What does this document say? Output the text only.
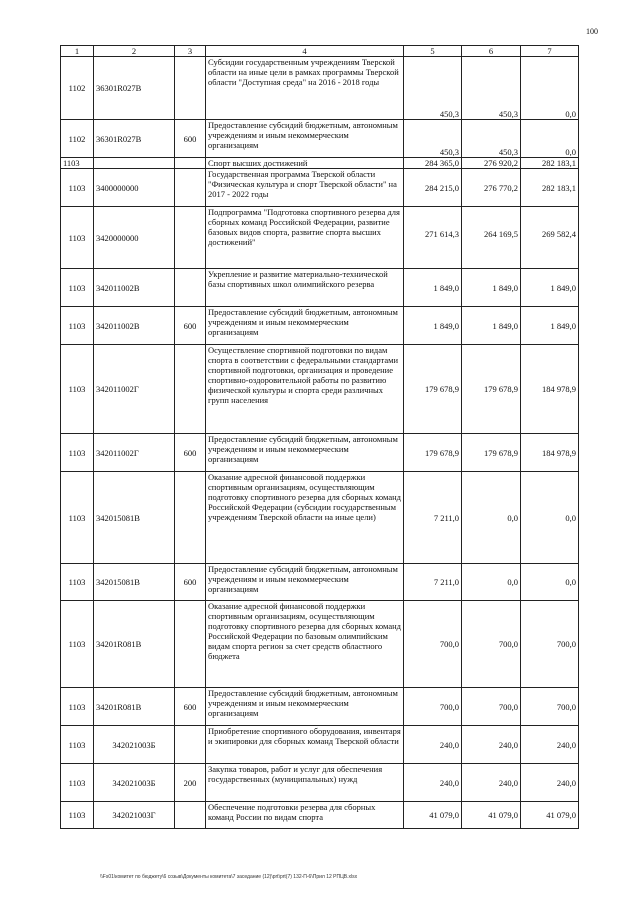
100
1	2	3	4	5	6	7
1102	36301R027В		Субсидии государственным учреждениям Тверской области на иные цели в рамках программы Тверской области "Доступная среда" на 2016 - 2018 годы	450,3	450,3	0,0
1102	36301R027В	600	Предоставление субсидий бюджетным, автономным учреждениям и иным некоммерческим организациям	450,3	450,3	0,0
1103			Спорт высших достижений	284 365,0	276 920,2	282 183,1
1103	3400000000		Государственная программа Тверской области "Физическая культура и спорт Тверской области" на 2017 - 2022 годы	284 215,0	276 770,2	282 183,1
1103	3420000000		Подпрограмма "Подготовка спортивного резерва для сборных команд Российской Федерации, развитие базовых видов спорта, развитие спорта высших достижений"	271 614,3	264 169,5	269 582,4
1103	342011002В		Укрепление и развитие материально-технической базы спортивных школ олимпийского резерва	1 849,0	1 849,0	1 849,0
1103	342011002В	600	Предоставление субсидий бюджетным, автономным учреждениям и иным некоммерческим организациям	1 849,0	1 849,0	1 849,0
1103	342011002Г		Осуществление спортивной подготовки по видам спорта в соответствии с федеральными стандартами спортивной подготовки, организация и проведение спортивно-оздоровительной работы по развитию физической культуры и спорта среди различных групп населения	179 678,9	179 678,9	184 978,9
1103	342011002Г	600	Предоставление субсидий бюджетным, автономным учреждениям и иным некоммерческим организациям	179 678,9	179 678,9	184 978,9
1103	342015081В		Оказание адресной финансовой поддержки спортивным организациям, осуществляющим подготовку спортивного резерва для сборных команд Российской Федерации (субсидии государственным учреждениям Тверской области на иные цели)	7 211,0	0,0	0,0
1103	342015081В	600	Предоставление субсидий бюджетным, автономным учреждениям и иным некоммерческим организациям	7 211,0	0,0	0,0
1103	34201R081В		Оказание адресной финансовой поддержки спортивным организациям, осуществляющим подготовку спортивного резерва для сборных команд Российской Федерации по базовым олимпийским видам спорта регион за счет средств областного бюджета	700,0	700,0	700,0
1103	34201R081В	600	Предоставление субсидий бюджетным, автономным учреждениям и иным некоммерческим организациям	700,0	700,0	700,0
1103	342021003Б		Приобретение спортивного оборудования, инвентаря и экипировки для сборных команд Тверской области	240,0	240,0	240,0
1103	342021003Б	200	Закупка товаров, работ и услуг для обеспечения государственных (муниципальных) нужд	240,0	240,0	240,0
1103	342021003Г		Обеспечение подготовки резерва для сборных команд России по видам спорта	41 079,0	41 079,0	41 079,0
\\Fs01\комитет по бюджету\6 созыв\Документы комитета\7 заседание (12)\prt\prt(7) 132-П-6\Прил 12 РПЦВ.xlsx
